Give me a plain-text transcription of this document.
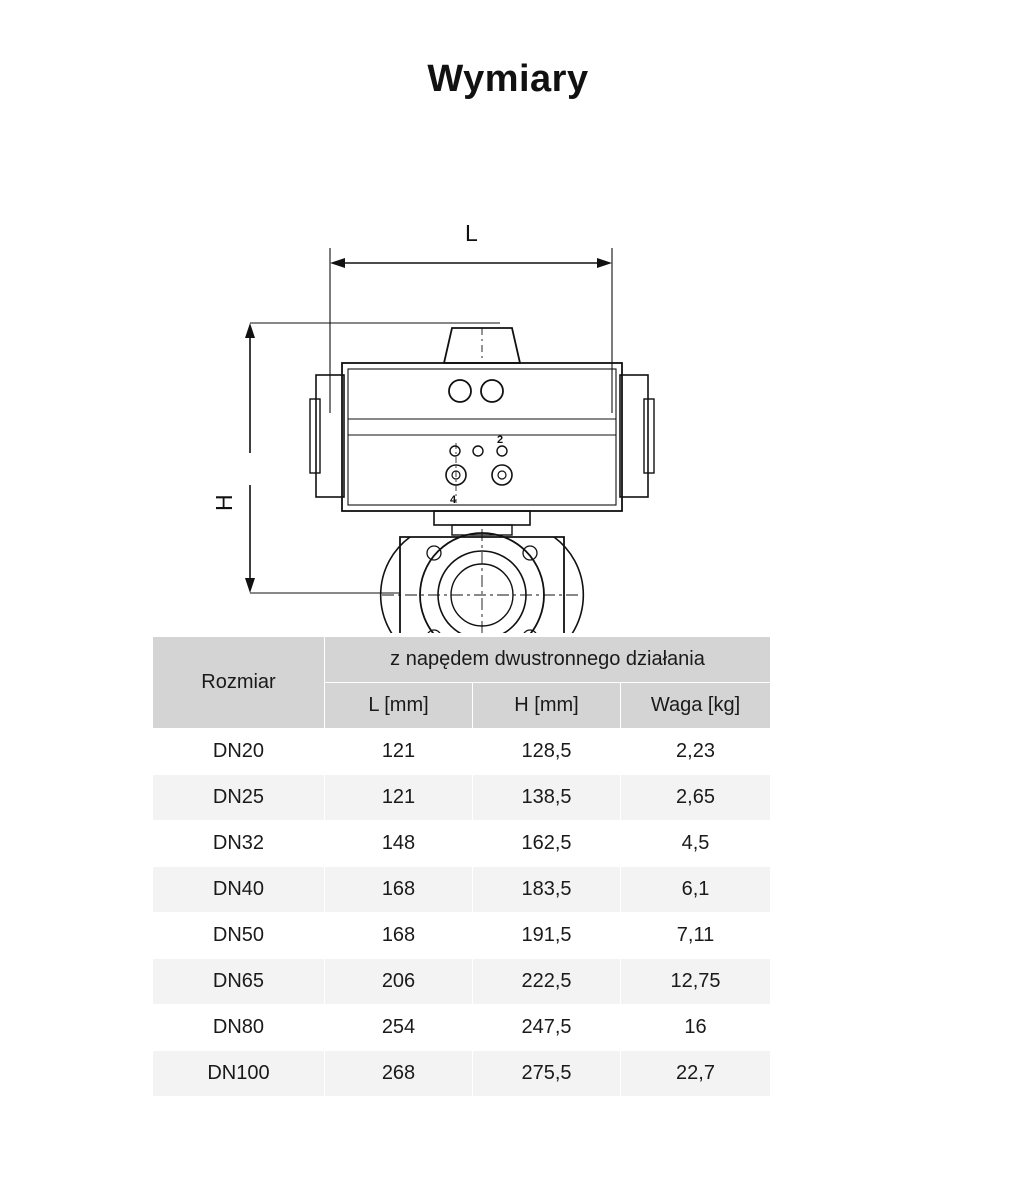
Wymiary
L
H
2
4
Rozmiar	z napędem dwustronnego działania		
	L [mm]	H [mm]	Waga [kg]
DN20	121	128,5	2,23
DN25	121	138,5	2,65
DN32	148	162,5	4,5
DN40	168	183,5	6,1
DN50	168	191,5	7,11
DN65	206	222,5	12,75
DN80	254	247,5	16
DN100	268	275,5	22,7
